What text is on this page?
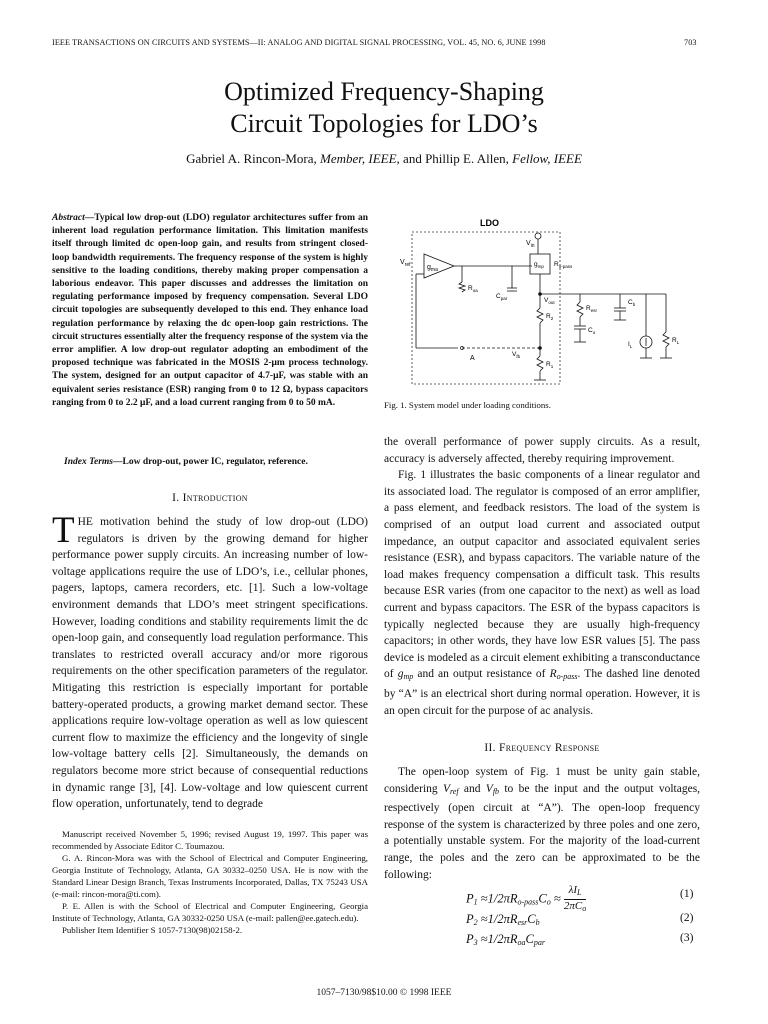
IEEE TRANSACTIONS ON CIRCUITS AND SYSTEMS—II: ANALOG AND DIGITAL SIGNAL PROCESSING, VOL. 45, NO. 6, JUNE 1998	703
Optimized Frequency-Shaping
Circuit Topologies for LDO’s
Gabriel A. Rincon-Mora, Member, IEEE, and Phillip E. Allen, Fellow, IEEE
Abstract—Typical low drop-out (LDO) regulator architectures suffer from an inherent load regulation performance limitation. This limitation manifests itself through limited dc open-loop gain, and results from stringent closed-loop bandwidth requirements. The frequency response of the system is highly sensitive to the loading conditions, thereby making proper compensation a laborious endeavor. This paper discusses and addresses the limitation on regulating performance imposed by frequency compensation. Several LDO circuit topologies are subsequently developed to this end. They enhance load regulation performance by relaxing the dc open-loop gain restrictions. The circuit structures essentially alter the frequency response of the system via the error amplifier. A low drop-out regulator adopting an embodiment of the proposed technique was fabricated in the MOSIS 2-μm process technology. The system, designed for an output capacitor of 4.7-μF, was stable with an equivalent series resistance (ESR) ranging from 0 to 12 Ω, bypass capacitors ranging from 0 to 2.2 μF, and a load current ranging from 0 to 50 mA.
Index Terms—Low drop-out, power IC, regulator, reference.
I. Introduction
THE motivation behind the study of low drop-out (LDO) regulators is driven by the growing demand for higher performance power supply circuits. An increasing number of low-voltage applications require the use of LDO’s, i.e., cellular phones, pagers, laptops, camera recorders, etc. [1]. Such a low-voltage environment demands that LDO’s meet stringent specifications. However, loading conditions and stability requirements limit the dc open-loop gain, and consequently load regulation performance. This translates to restricted overall accuracy and/or more rigorous requirements on the other specification parameters of the regulator. Mitigating this restriction is especially important for portable battery-operated products, a growing market demand sector. These applications require low-voltage operation as well as low quiescent current flow to maximize the efficiency and the longevity of single low-voltage battery cells [2]. Simultaneously, the demands on regulators become more strict because of consequential reductions in dynamic range [3], [4]. Low-voltage and low quiescent current flow operation, unfortunately, tend to degrade

Manuscript received November 5, 1996; revised August 19, 1997. This paper was recommended by Associate Editor C. Toumazou.

G. A. Rincon-Mora was with the School of Electrical and Computer Engineering, Georgia Institute of Technology, Atlanta, GA 30332–0250 USA. He is now with the Standard Linear Design Branch, Texas Instruments Incorporated, Dallas, TX 75243 USA (e-mail: rincon-mora@ti.com).

P. E. Allen is with the School of Electrical and Computer Engineering, Georgia Institute of Technology, Atlanta, GA 30332-0250 USA (e-mail: pallen@ee.gatech.edu).

Publisher Item Identifier S 1057-7130(98)02158-2.

LDO
$V_{in}$
$V_{ref}$ $g_{ma}$
$g_{mp}$ $R_{o-pass}$
$R_{oa}$
$C_{par}$	$V_{out}$
$R_2$
$V_{fb}$
A
$R_1$
$R_{esr}$
$C_o$
$C_b$
$I_L$
$R_L$
Fig. 1. System model under loading conditions.

the overall performance of power supply circuits. As a result, accuracy is adversely affected, thereby requiring improvement.

Fig. 1 illustrates the basic components of a linear regulator and its associated load. The regulator is composed of an error amplifier, a pass element, and feedback resistors. The load of the system is comprised of an output load current and associated output impedance, an output capacitor and associated equivalent series resistance (ESR), and bypass capacitors. The variable nature of the load makes frequency compensation a difficult task. This results because ESR varies (from one capacitor to the next) as well as load current and bypass capacitors. The ESR of the bypass capacitors is typically neglected because they are usually high-frequency capacitors; in other words, they have low ESR values [5]. The pass device is modeled as a circuit element exhibiting a transconductance of $g_{mp}$ and an output resistance of $R_{o-pass}$. The dashed line denoted by “A” is an electrical short during normal operation. However, it is an open circuit for the purpose of ac analysis.

II. Frequency Response
The open-loop system of Fig. 1 must be unity gain stable, considering $V_{ref}$ and $V_{fb}$ to be the input and the output voltages, respectively (open circuit at “A”). The open-loop frequency response of the system is characterized by three poles and one zero, a potentially unstable system. For the majority of the load-current range, the poles and the zero can be approximated to be the following:
$P_1 \approx 1/2\pi R_{o-pass}C_o$ ≈
$\lambda I_L$
$2\pi C_o$
(1)
$P_2 \approx 1/2\pi R_{esr}C_b$	(2)
$P_3 \approx 1/2\pi R_{oa}C_{par}$	(3)
1057–7130/98$10.00 © 1998 IEEE
